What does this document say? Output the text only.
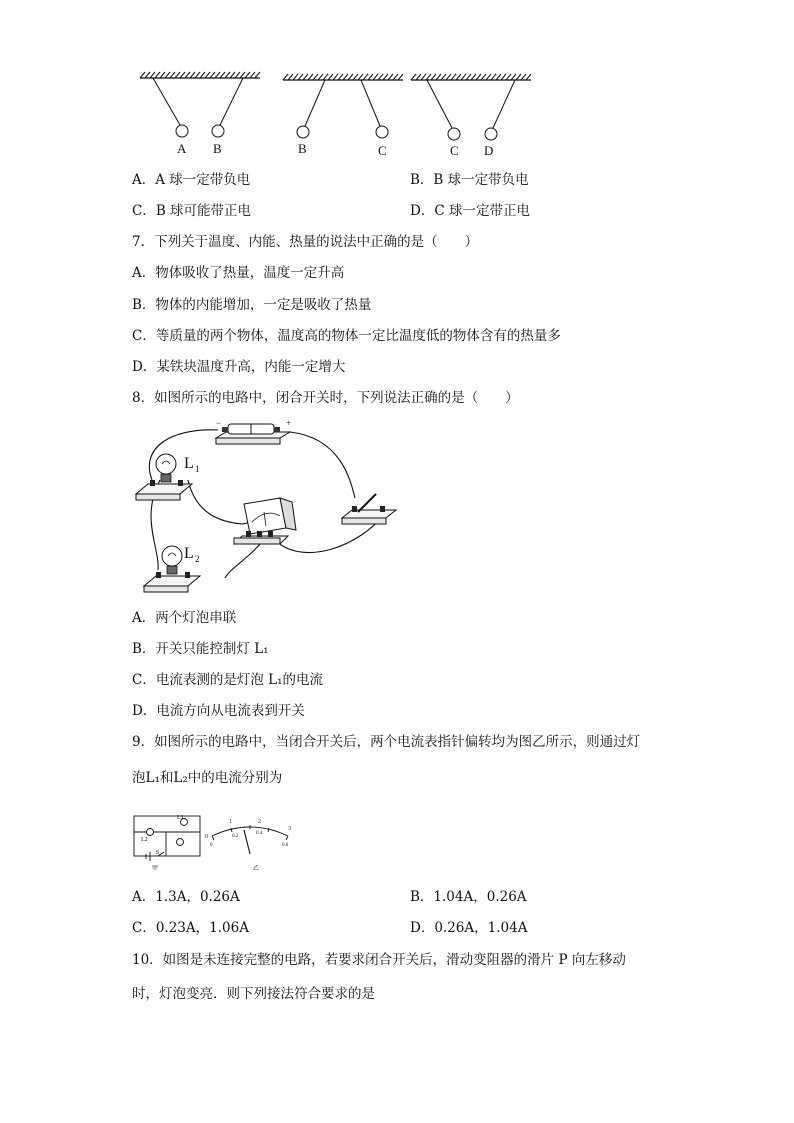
A B	B	C	C D
A．A 球一定带负电	B．B 球一定带负电
C．B 球可能带正电	D．C 球一定带正电
7．下列关于温度、内能、热量的说法中正确的是（　　）
A．物体吸收了热量，温度一定升高
B．物体的内能增加，一定是吸收了热量
C．等质量的两个物体，温度高的物体一定比温度低的物体含有的热量多
D．某铁块温度升高，内能一定增大
8．如图所示的电路中，闭合开关时，下列说法正确的是（　　）
−	+
L 1
L 2
A．两个灯泡串联
B．开关只能控制灯 L₁
C．电流表测的是灯泡 L₁的电流
D．电流方向从电流表到开关
9．如图所示的电路中，当闭合开关后，两个电流表指针偏转均为图乙所示，则通过灯
泡L₁和L₂中的电流分别为
L1
L2
S
甲
0
1	2
3
0
0.2
0.4
0.6
乙
A．1.3A，0.26A	B．1.04A，0.26A
C．0.23A，1.06A	D．0.26A，1.04A
10．如图是未连接完整的电路，若要求闭合开关后，滑动变阻器的滑片 P 向左移动
时，灯泡变亮．则下列接法符合要求的是
